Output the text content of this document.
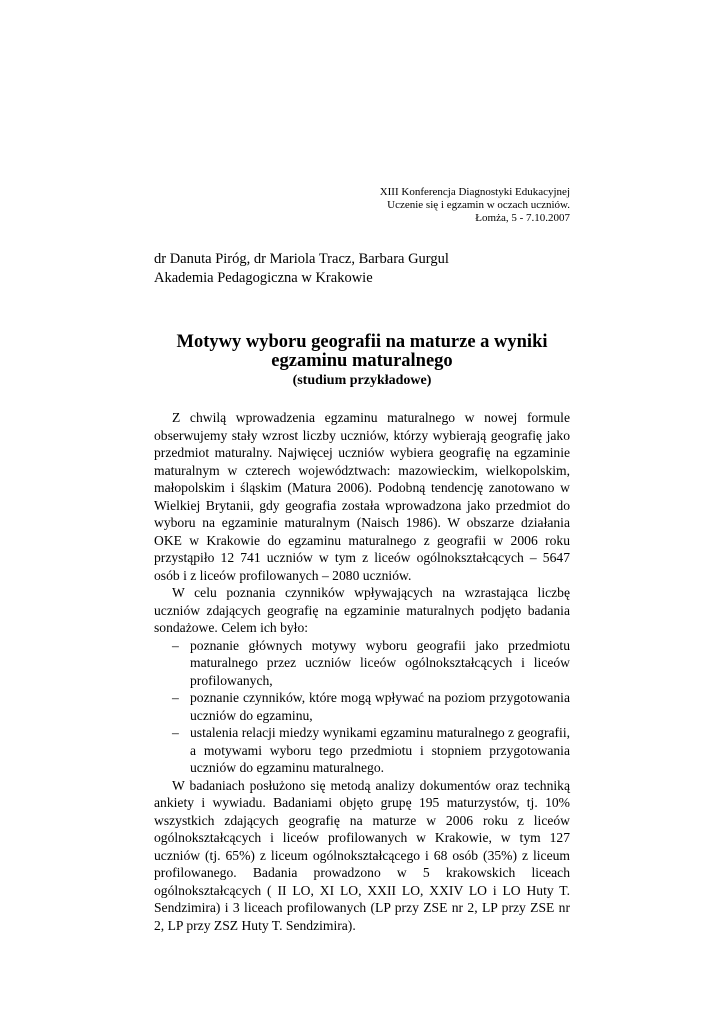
XIII Konferencja Diagnostyki Edukacyjnej
Uczenie się i egzamin w oczach uczniów.
Łomża, 5 - 7.10.2007
dr Danuta Piróg, dr Mariola Tracz, Barbara Gurgul
Akademia Pedagogiczna w Krakowie
Motywy wyboru geografii na maturze a wyniki
egzaminu maturalnego
(studium przykładowe)

Z chwilą wprowadzenia egzaminu maturalnego w nowej formule obserwujemy stały wzrost liczby uczniów, którzy wybierają geografię jako przedmiot maturalny. Najwięcej uczniów wybiera geografię na egzaminie maturalnym w czterech województwach: mazowieckim, wielkopolskim, małopolskim i śląskim (Matura 2006). Podobną tendencję zanotowano w Wielkiej Brytanii, gdy geografia została wprowadzona jako przedmiot do wyboru na egzaminie maturalnym (Naisch 1986). W obszarze działania OKE w Krakowie do egzaminu maturalnego z geografii w 2006 roku przystąpiło 12 741 uczniów w tym z liceów ogólnokształcących – 5647 osób i z liceów profilowanych – 2080 uczniów.

W celu poznania czynników wpływających na wzrastająca liczbę uczniów zdających geografię na egzaminie maturalnych podjęto badania sondażowe. Celem ich było:

– poznanie głównych motywy wyboru geografii jako przedmiotu maturalnego przez uczniów liceów ogólnokształcących i liceów profilowanych,
– poznanie czynników, które mogą wpływać na poziom przygotowania uczniów do egzaminu,
– ustalenia relacji miedzy wynikami egzaminu maturalnego z geografii, a motywami wyboru tego przedmiotu i stopniem przygotowania uczniów do egzaminu maturalnego.

W badaniach posłużono się metodą analizy dokumentów oraz techniką ankiety i wywiadu. Badaniami objęto grupę 195 maturzystów, tj. 10% wszystkich zdających geografię na maturze w 2006 roku z liceów ogólnokształcących i liceów profilowanych w Krakowie, w tym 127 uczniów (tj. 65%) z liceum ogólnokształcącego i 68 osób (35%) z liceum profilowanego. Badania prowadzono w 5 krakowskich liceach ogólnokształcących ( II LO, XI LO, XXII LO, XXIV LO i LO Huty T. Sendzimira) i 3 liceach profilowanych (LP przy ZSE nr 2, LP przy ZSE nr 2, LP przy ZSZ Huty T. Sendzimira).
